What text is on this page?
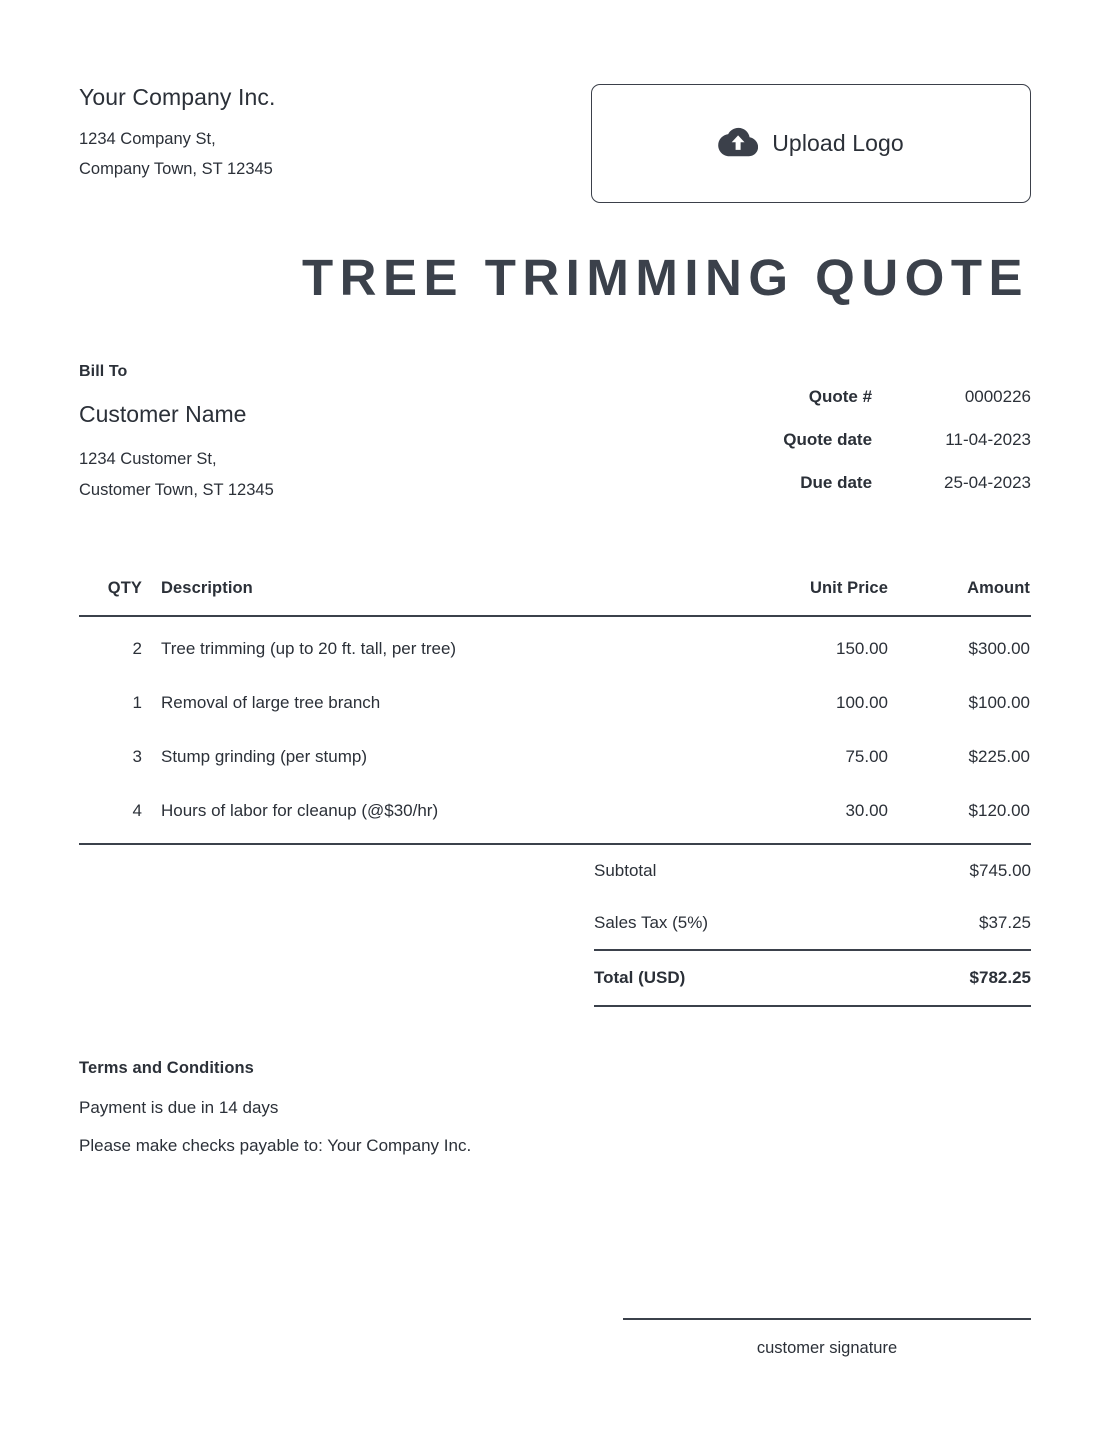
Your Company Inc.
1234 Company St,
Company Town, ST 12345
Upload Logo
TREE TRIMMING QUOTE
Bill To
Customer Name
1234 Customer St,
Customer Town, ST 12345
Quote #	0000226
Quote date	11-04-2023
Due date	25-04-2023
QTY	Description	Unit Price	Amount
2	Tree trimming (up to 20 ft. tall, per tree)	150.00	$300.00
1	Removal of large tree branch	100.00	$100.00
3	Stump grinding (per stump)	75.00	$225.00
4	Hours of labor for cleanup (@$30/hr)	30.00	$120.00
Subtotal	$745.00
Sales Tax (5%)	$37.25
Total (USD)	$782.25
Terms and Conditions
Payment is due in 14 days
Please make checks payable to: Your Company Inc.
customer signature
